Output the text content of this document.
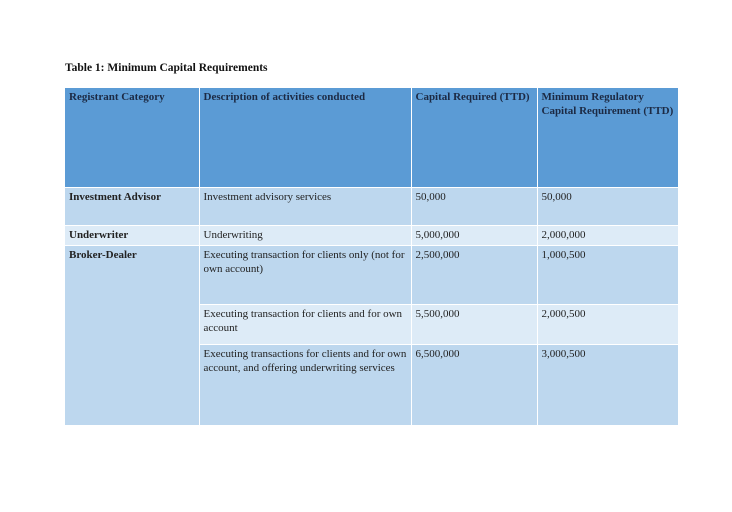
Table 1: Minimum Capital Requirements
Registrant Category	Description of activities conducted	Capital Required (TTD)	Minimum Regulatory Capital Requirement (TTD)
Investment Advisor	Investment advisory services	50,000	50,000
Underwriter	Underwriting	5,000,000	2,000,000
Broker-Dealer	Executing transaction for clients only (not for own account)	2,500,000	1,000,500
	Executing transaction for clients and for own account	5,500,000	2,000,500
	Executing transactions for clients and for own account, and offering underwriting services	6,500,000	3,000,500
